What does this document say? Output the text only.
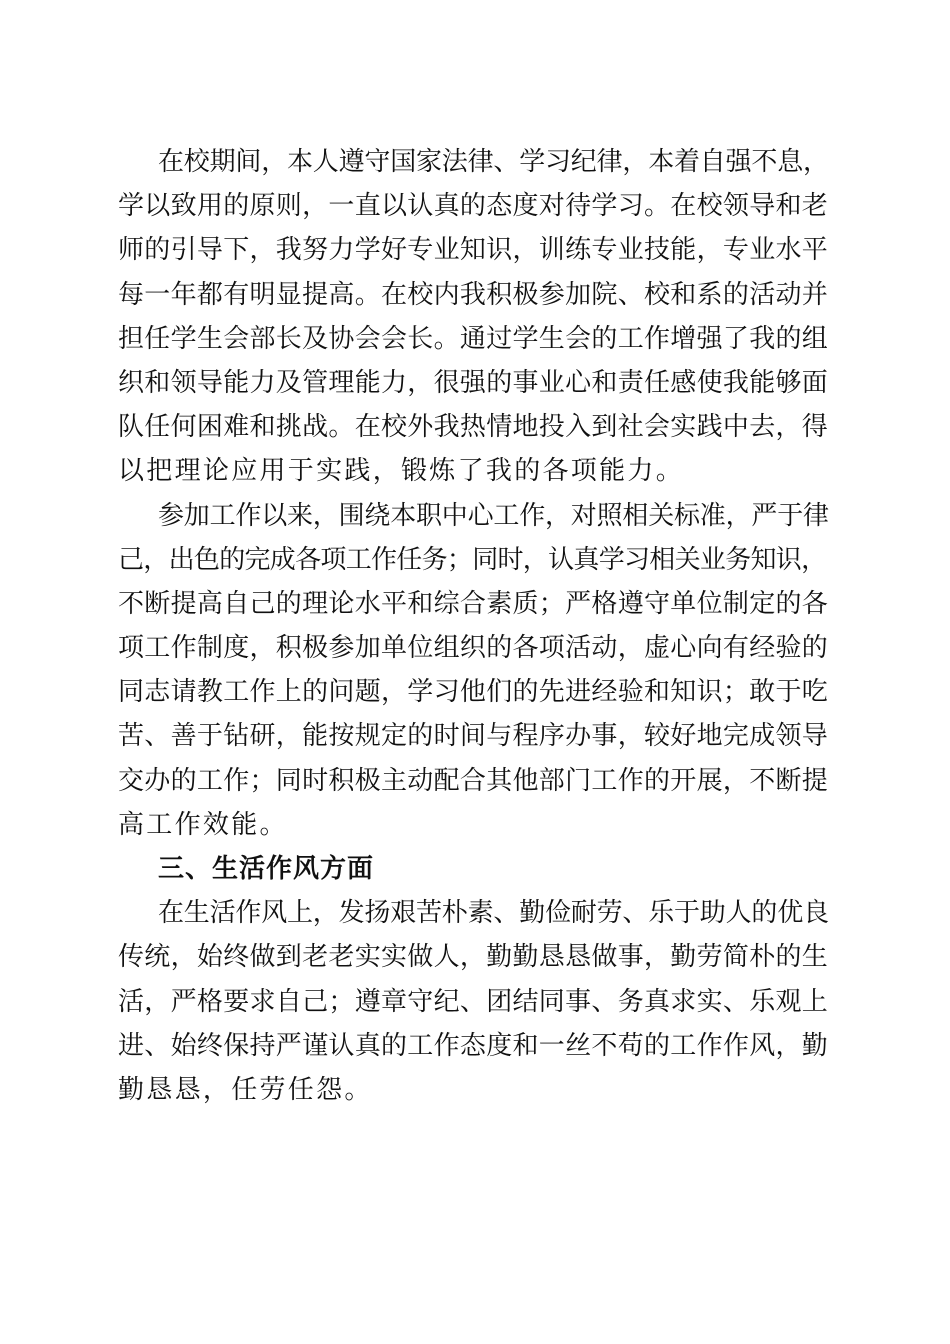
在校期间，本人遵守国家法律、学习纪律，本着自强不息，
学以致用的原则，一直以认真的态度对待学习。在校领导和老
师的引导下，我努力学好专业知识，训练专业技能，专业水平
每一年都有明显提高。在校内我积极参加院、校和系的活动并
担任学生会部长及协会会长。通过学生会的工作增强了我的组
织和领导能力及管理能力，很强的事业心和责任感使我能够面
队任何困难和挑战。在校外我热情地投入到社会实践中去，得
以把理论应用于实践，锻炼了我的各项能力。
参加工作以来，围绕本职中心工作，对照相关标准，严于律
己，出色的完成各项工作任务；同时，认真学习相关业务知识，
不断提高自己的理论水平和综合素质；严格遵守单位制定的各
项工作制度，积极参加单位组织的各项活动，虚心向有经验的
同志请教工作上的问题，学习他们的先进经验和知识；敢于吃
苦、善于钻研，能按规定的时间与程序办事，较好地完成领导
交办的工作；同时积极主动配合其他部门工作的开展，不断提
高工作效能。
三、生活作风方面
在生活作风上，发扬艰苦朴素、勤俭耐劳、乐于助人的优良
传统，始终做到老老实实做人，勤勤恳恳做事，勤劳简朴的生
活，严格要求自己；遵章守纪、团结同事、务真求实、乐观上
进、始终保持严谨认真的工作态度和一丝不苟的工作作风，勤
勤恳恳，任劳任怨。
